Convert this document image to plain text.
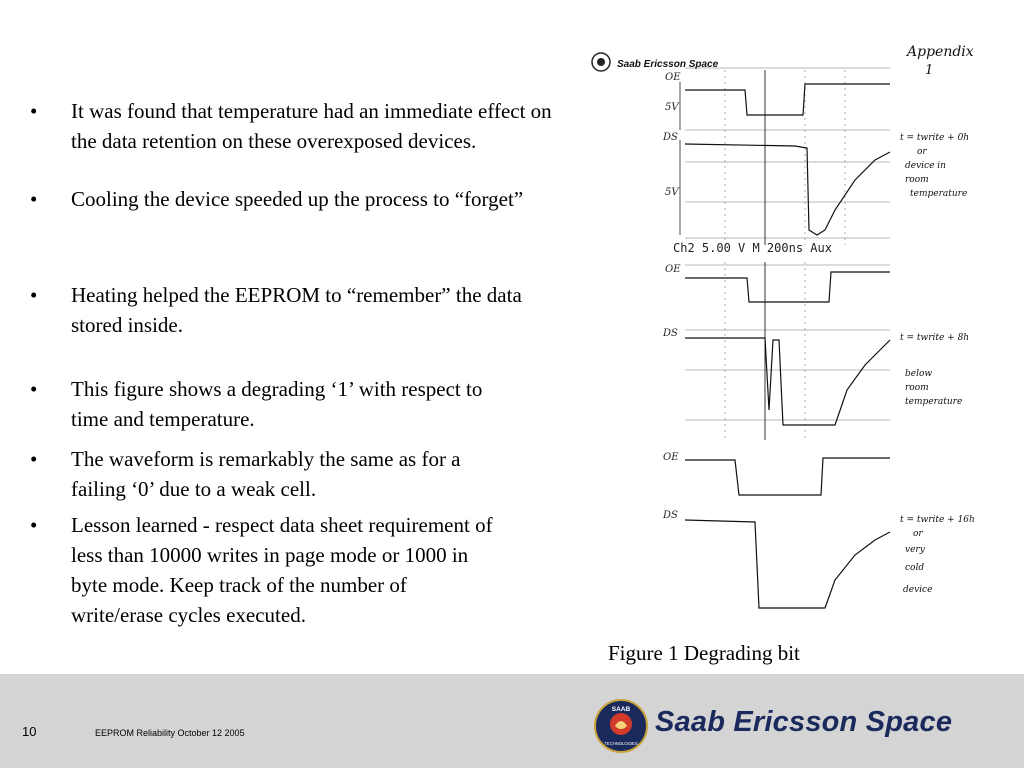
•	It was found that temperature had an immediate effect on the data retention on these overexposed devices.
•	Cooling the device speeded up the process to “forget”
•	Heating helped the EEPROM to “remember” the data stored inside.
•	This figure shows a degrading ‘1’ with respect to time and temperature.
•	The waveform is remarkably the same as for a failing ‘0’ due to a weak cell.
•	Lesson learned - respect data sheet requirement of less than 10000 writes in page mode or 1000 in byte mode. Keep track of the number of write/erase cycles executed.
Saab Ericsson Space
Appendix
1
Ch2 5.00 V M 200ns Aux
OE
5V
DS
5V
OE
DS
OE
DS
t = twrite + 0h
or
device in
room
temperature
t = twrite + 8h
below
room
temperature
t = twrite + 16h
or
very
cold
device
Figure 1 Degrading bit
10	EEPROM Reliability October 12 2005
SAAB
TECHNOLOGIES
Saab Ericsson Space
